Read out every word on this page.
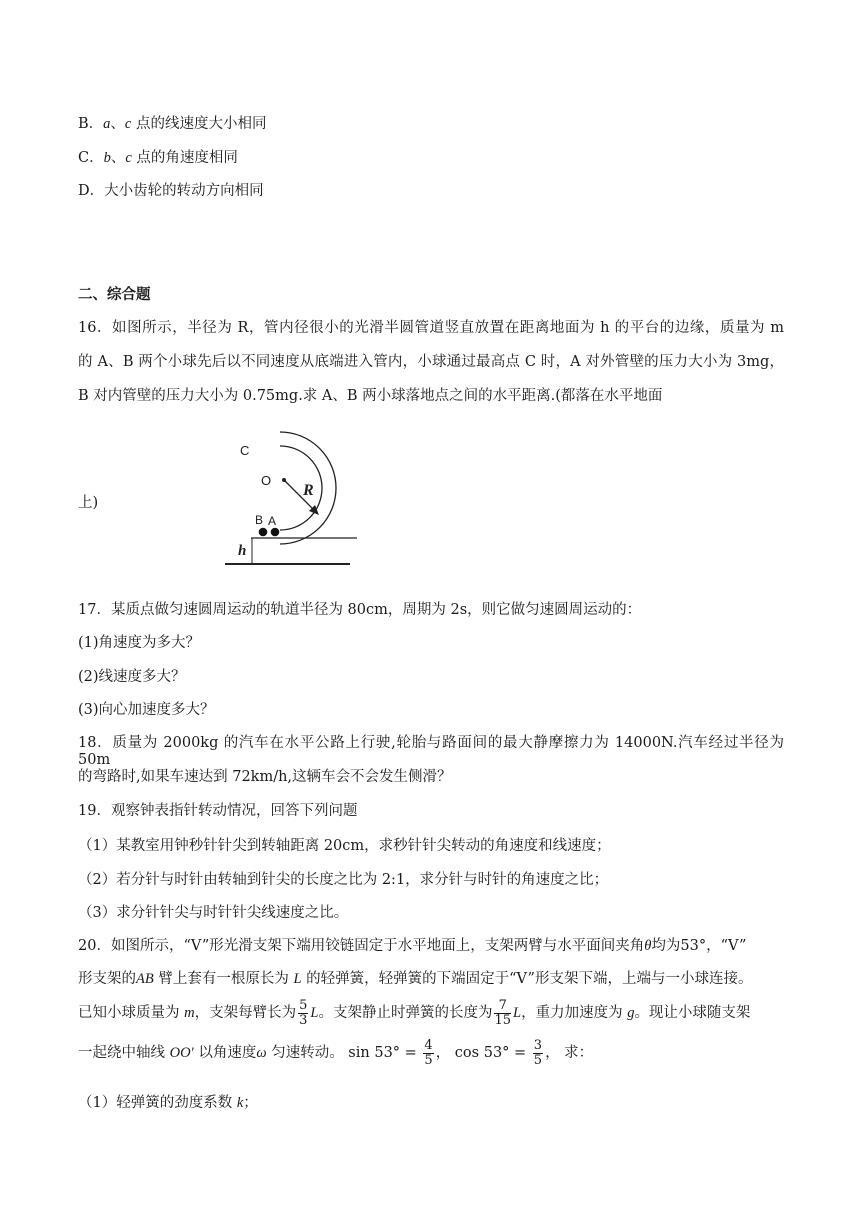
B．a、c 点的线速度大小相同
C．b、c 点的角速度相同
D．大小齿轮的转动方向相同
二、综合题
16．如图所示，半径为 R，管内径很小的光滑半圆管道竖直放置在距离地面为 h 的平台的边缘，质量为 m
的 A、B 两个小球先后以不同速度从底端进入管内，小球通过最高点 C 时，A 对外管壁的压力大小为 3mg，
B 对内管壁的压力大小为 0.75mg.求 A、B 两小球落地点之间的水平距离.(都落在水平地面
上)
C
O
R
B A
h
17．某质点做匀速圆周运动的轨道半径为 80cm，周期为 2s，则它做匀速圆周运动的：
(1)角速度为多大？
(2)线速度多大？
(3)向心加速度多大？
18．质量为 2000kg 的汽车在水平公路上行驶,轮胎与路面间的最大静摩擦力为 14000N.汽车经过半径为 50m
的弯路时,如果车速达到 72km/h,这辆车会不会发生侧滑？
19．观察钟表指针转动情况，回答下列问题
（1）某教室用钟秒针针尖到转轴距离 20cm，求秒针针尖转动的角速度和线速度；
（2）若分针与时针由转轴到针尖的长度之比为 2:1，求分针与时针的角速度之比；
（3）求分针针尖与时针针尖线速度之比。
20．如图所示，“V”形光滑支架下端用铰链固定于水平地面上，支架两臂与水平面间夹角θ均为53°，“V”
形支架的AB 臂上套有一根原长为 L 的轻弹簧，轻弹簧的下端固定于“V”形支架下端，上端与一小球连接。
已知小球质量为 m，支架每臂长为 $\frac{5}{3}$ L。支架静止时弹簧的长度为 $\frac{7}{15}$ L，重力加速度为 g。现让小球随支架
一起绕中轴线 OO′ 以角速度ω 匀速转动。 $\sin 53^\circ = \frac{4}{5}$ ， $\cos 53^\circ = \frac{3}{5}$ ， 求：
（1）轻弹簧的劲度系数 k；
